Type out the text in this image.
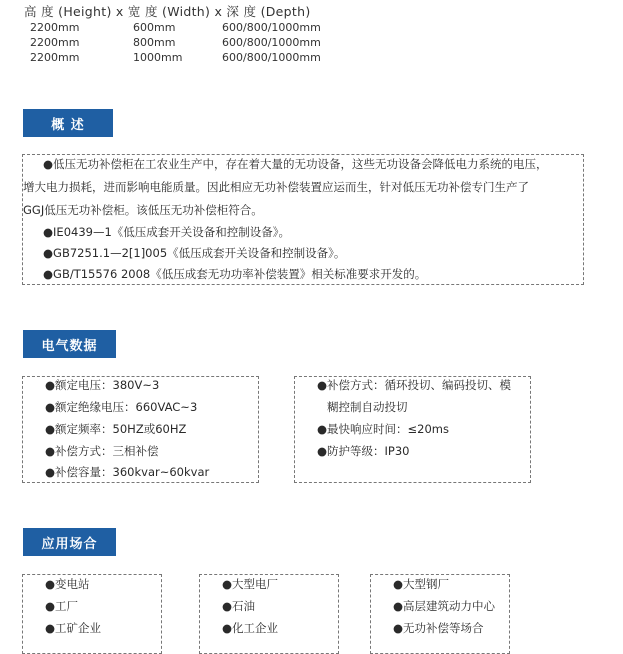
高 度 (Height) x 宽 度 (Width) x 深 度 (Depth)
2200mm	600mm	600/800/1000mm
2200mm	800mm	600/800/1000mm
2200mm	1000mm	600/800/1000mm
概 述
●低压无功补偿柜在工农业生产中，存在着大量的无功设备，这些无功设备会降低电力系统的电压，
增大电力损耗，进而影响电能质量。因此相应无功补偿装置应运而生，针对低压无功补偿专门生产了
GGJ低压无功补偿柜。该低压无功补偿柜符合。
●IE0439—1《低压成套开关设备和控制设备》。
●GB7251.1—2[1]005《低压成套开关设备和控制设备》。
●GB/T15576 2008《低压成套无功功率补偿装置》相关标准要求开发的。
电气数据
●额定电压：380V~3
●额定绝缘电压：660VAC~3
●额定频率：50HZ或60HZ
●补偿方式：三相补偿
●补偿容量：360kvar~60kvar
●补偿方式：循环投切、编码投切、模
糊控制自动投切
●最快响应时间：≤20ms
●防护等级：IP30
应用场合
●变电站
●工厂
●工矿企业
●大型电厂
●石油
●化工企业
●大型钢厂
●高层建筑动力中心
●无功补偿等场合
